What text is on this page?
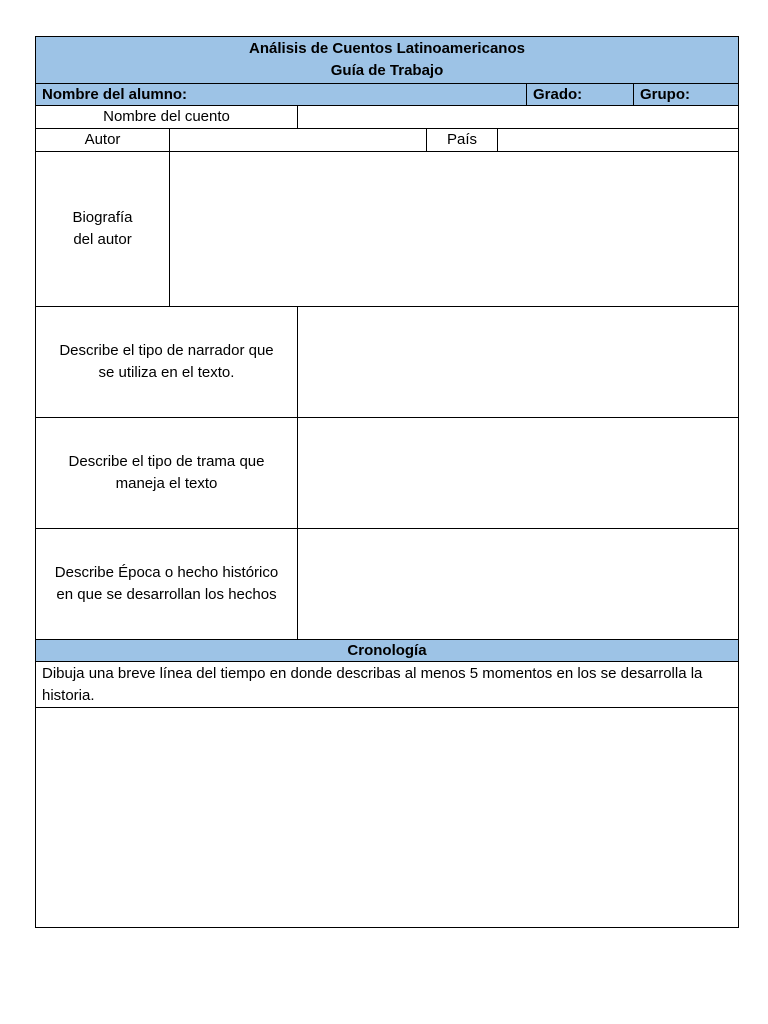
Análisis de Cuentos Latinoamericanos
Guía de Trabajo
Nombre del alumno:	Grado:	Grupo:
Nombre del cuento
Autor	País
Biografía
del autor
Describe el tipo de narrador que
se utiliza en el texto.
Describe el tipo de trama que
maneja el texto
Describe Época o hecho histórico
en que se desarrollan los hechos
Cronología
Dibuja una breve línea del tiempo en donde describas al menos 5 momentos en los se desarrolla la historia.
